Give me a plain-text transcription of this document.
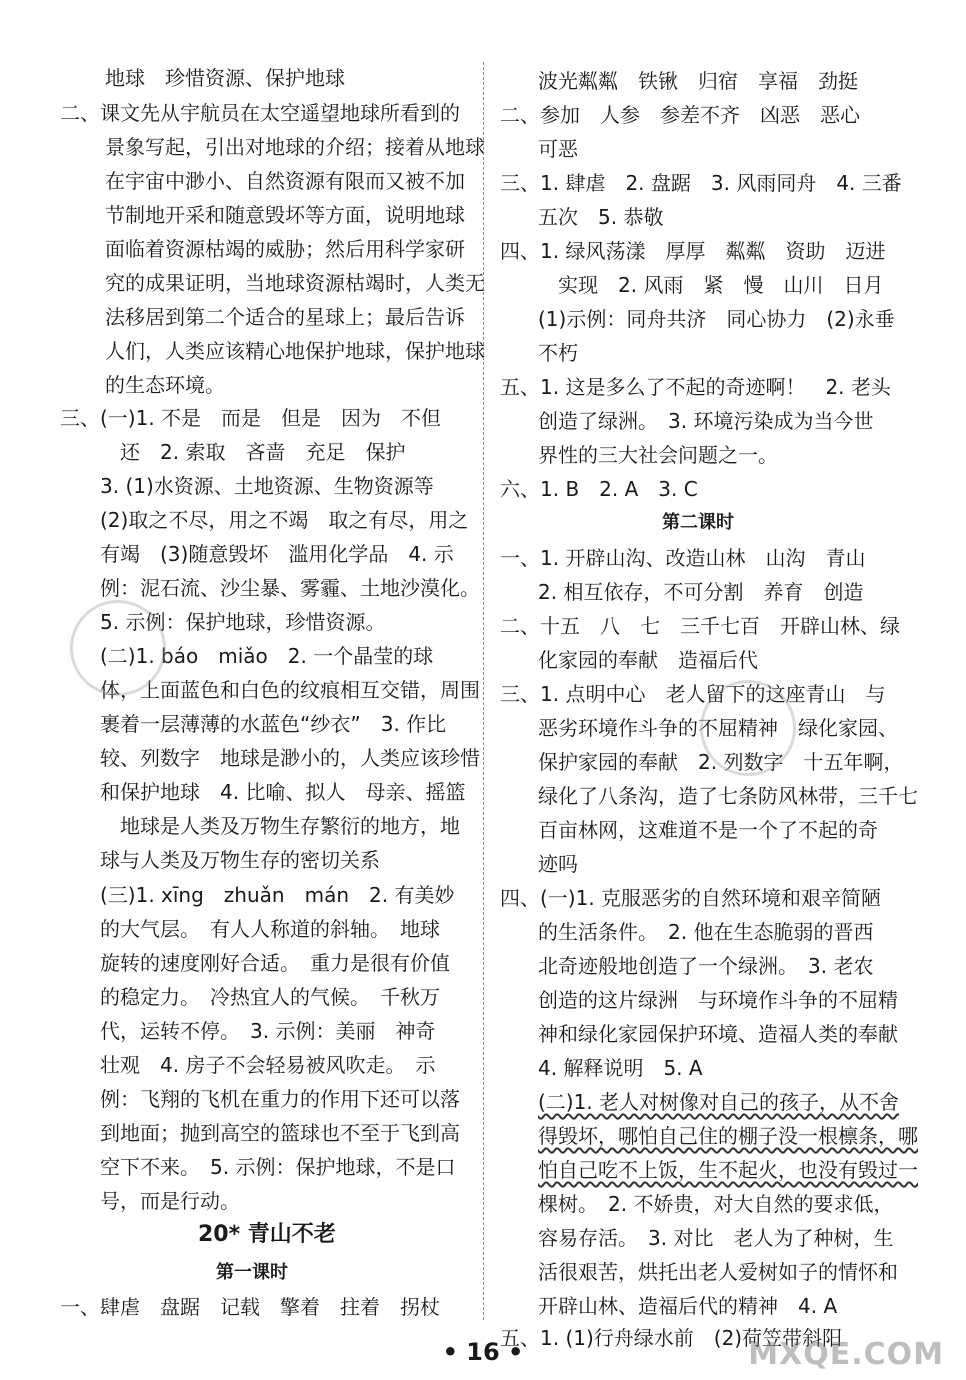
地球　珍惜资源、保护地球
二、课文先从宇航员在太空遥望地球所看到的
景象写起，引出对地球的介绍；接着从地球
在宇宙中渺小、自然资源有限而又被不加
节制地开采和随意毁坏等方面，说明地球
面临着资源枯竭的威胁；然后用科学家研
究的成果证明，当地球资源枯竭时，人类无
法移居到第二个适合的星球上；最后告诉
人们，人类应该精心地保护地球，保护地球
的生态环境。
三、(一)1. 不是　而是　但是　因为　不但
还　2. 索取　吝啬　充足　保护
3. (1)水资源、土地资源、生物资源等
(2)取之不尽，用之不竭　取之有尽，用之
有竭　(3)随意毁坏　滥用化学品　4. 示
例：泥石流、沙尘暴、雾霾、土地沙漠化。
5. 示例：保护地球，珍惜资源。
(二)1. báo　miǎo　2. 一个晶莹的球
体，上面蓝色和白色的纹痕相互交错，周围
裹着一层薄薄的水蓝色“纱衣”　3. 作比
较、列数字　地球是渺小的，人类应该珍惜
和保护地球　4. 比喻、拟人　母亲、摇篮
地球是人类及万物生存繁衍的地方，地
球与人类及万物生存的密切关系
(三)1. xīng　zhuǎn　mán　2. 有美妙
的大气层。　有人人称道的斜轴。　地球
旋转的速度刚好合适。　重力是很有价值
的稳定力。　冷热宜人的气候。　千秋万
代，运转不停。　3. 示例：美丽　神奇
壮观　4. 房子不会轻易被风吹走。　示
例：飞翔的飞机在重力的作用下还可以落
到地面；抛到高空的篮球也不至于飞到高
空下不来。　5. 示例：保护地球，不是口
号，而是行动。
20* 青山不老
第一课时
一、肆虐　盘踞　记载　擎着　拄着　拐杖
波光粼粼　铁锹　归宿　享福　劲挺
二、参加　人参　参差不齐　凶恶　恶心
可恶
三、1. 肆虐　2. 盘踞　3. 风雨同舟　4. 三番
五次　5. 恭敬
四、1. 绿风荡漾　厚厚　粼粼　资助　迈进
实现　2. 风雨　紧　慢　山川　日月
(1)示例：同舟共济　同心协力　(2)永垂
不朽
五、1. 这是多么了不起的奇迹啊！　2. 老头
创造了绿洲。　3. 环境污染成为当今世
界性的三大社会问题之一。
六、1. B　2. A　3. C
第二课时
一、1. 开辟山沟、改造山林　山沟　青山
2. 相互依存，不可分割　养育　创造
二、十五　八　七　三千七百　开辟山林、绿
化家园的奉献　造福后代
三、1. 点明中心　老人留下的这座青山　与
恶劣环境作斗争的不屈精神　绿化家园、
保护家园的奉献　2. 列数字　十五年啊，
绿化了八条沟，造了七条防风林带，三千七
百亩林网，这难道不是一个了不起的奇
迹吗
四、(一)1. 克服恶劣的自然环境和艰辛简陋
的生活条件。　2. 他在生态脆弱的晋西
北奇迹般地创造了一个绿洲。　3. 老农
创造的这片绿洲　与环境作斗争的不屈精
神和绿化家园保护环境、造福人类的奉献
4. 解释说明　5. A
(二)1. 老人对树像对自己的孩子，从不舍
得毁坏，哪怕自己住的棚子没一根檩条，哪
怕自己吃不上饭，生不起火，也没有毁过一
棵树。　2. 不娇贵，对大自然的要求低，
容易存活。　3. 对比　老人为了种树，生
活很艰苦，烘托出老人爱树如子的情怀和
开辟山林、造福后代的精神　4. A
五、1. (1)行舟绿水前　(2)荷笠带斜阳
• 16 •	MXQE.COM
